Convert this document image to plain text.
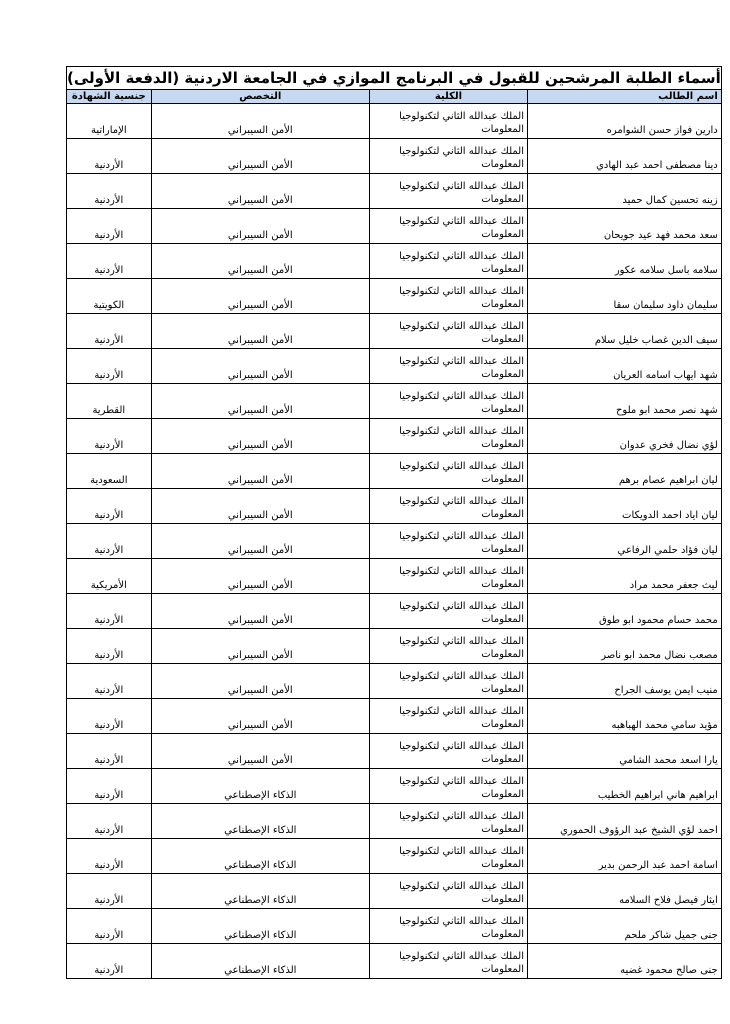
أسماء الطلبة المرشحين للقبول في البرنامج الموازي في الجامعة الاردنية (الدفعة الأولى)
اسم الطالب	الكلية	التخصص	جنسية الشهادة
دارين فواز حسن الشوامره	الملك عبدالله الثاني لتكنولوجيا المعلومات	الأمن السيبراني	الإماراتية
دينا مصطفى احمد عبد الهادي	الملك عبدالله الثاني لتكنولوجيا المعلومات	الأمن السيبراني	الأردنية
زينه تحسين كمال حميد	الملك عبدالله الثاني لتكنولوجيا المعلومات	الأمن السيبراني	الأردنية
سعد محمد فهد عيد جويحان	الملك عبدالله الثاني لتكنولوجيا المعلومات	الأمن السيبراني	الأردنية
سلامه باسل سلامه عكور	الملك عبدالله الثاني لتكنولوجيا المعلومات	الأمن السيبراني	الأردنية
سليمان داود سليمان سقا	الملك عبدالله الثاني لتكنولوجيا المعلومات	الأمن السيبراني	الكويتية
سيف الدين غصاب خليل سلام	الملك عبدالله الثاني لتكنولوجيا المعلومات	الأمن السيبراني	الأردنية
شهد ايهاب اسامه العريان	الملك عبدالله الثاني لتكنولوجيا المعلومات	الأمن السيبراني	الأردنية
شهد نصر محمد ابو ملوح	الملك عبدالله الثاني لتكنولوجيا المعلومات	الأمن السيبراني	القطرية
لؤي نضال فخري عدوان	الملك عبدالله الثاني لتكنولوجيا المعلومات	الأمن السيبراني	الأردنية
ليان ابراهيم عصام برهم	الملك عبدالله الثاني لتكنولوجيا المعلومات	الأمن السيبراني	السعودية
ليان اياد احمد الدويكات	الملك عبدالله الثاني لتكنولوجيا المعلومات	الأمن السيبراني	الأردنية
ليان فؤاد حلمي الرفاعي	الملك عبدالله الثاني لتكنولوجيا المعلومات	الأمن السيبراني	الأردنية
ليث جعفر محمد مراد	الملك عبدالله الثاني لتكنولوجيا المعلومات	الأمن السيبراني	الأمريكية
محمد حسام محمود ابو طوق	الملك عبدالله الثاني لتكنولوجيا المعلومات	الأمن السيبراني	الأردنية
مصعب نضال محمد ابو ناصر	الملك عبدالله الثاني لتكنولوجيا المعلومات	الأمن السيبراني	الأردنية
منيب ايمن يوسف الجراح	الملك عبدالله الثاني لتكنولوجيا المعلومات	الأمن السيبراني	الأردنية
مؤيد سامي محمد الهباهبه	الملك عبدالله الثاني لتكنولوجيا المعلومات	الأمن السيبراني	الأردنية
يارا اسعد محمد الشامي	الملك عبدالله الثاني لتكنولوجيا المعلومات	الأمن السيبراني	الأردنية
ابراهيم هاني ابراهيم الخطيب	الملك عبدالله الثاني لتكنولوجيا المعلومات	الذكاء الإصطناعي	الأردنية
احمد لؤي الشيخ عبد الرؤوف الحموري	الملك عبدالله الثاني لتكنولوجيا المعلومات	الذكاء الإصطناعي	الأردنية
اسامة احمد عبد الرحمن بدير	الملك عبدالله الثاني لتكنولوجيا المعلومات	الذكاء الإصطناعي	الأردنية
ايثار فيصل فلاح السلامه	الملك عبدالله الثاني لتكنولوجيا المعلومات	الذكاء الإصطناعي	الأردنية
جنى جميل شاكر ملحم	الملك عبدالله الثاني لتكنولوجيا المعلومات	الذكاء الإصطناعي	الأردنية
جنى صالح محمود غضيه	الملك عبدالله الثاني لتكنولوجيا المعلومات	الذكاء الإصطناعي	الأردنية
